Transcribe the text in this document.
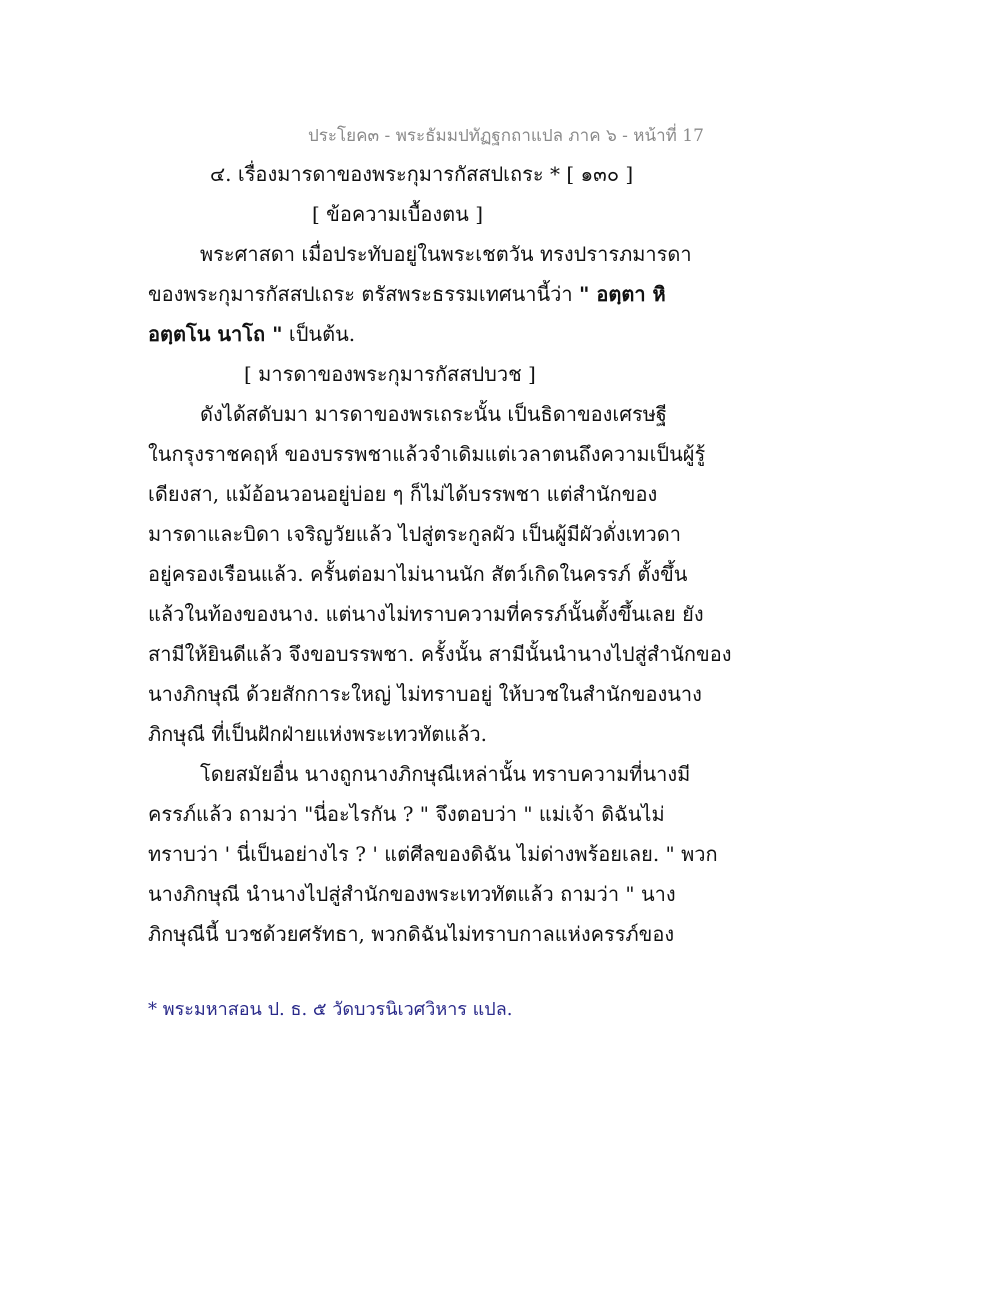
ประโยค๓ - พระธัมมปทัฏฐกถาแปล ภาค ๖ - หน้าที่ 17
๔. เรื่องมารดาของพระกุมารกัสสปเถระ * [ ๑๓๐ ]
[ ข้อความเบื้องตน ]
พระศาสดา เมื่อประทับอยู่ในพระเชตวัน ทรงปรารภมารดา
ของพระกุมารกัสสปเถระ ตรัสพระธรรมเทศนานี้ว่า " อตฺตา หิ
อตฺตโน นาโถ " เป็นต้น.
[ มารดาของพระกุมารกัสสปบวช ]
ดังได้สดับมา มารดาของพรเถระนั้น เป็นธิดาของเศรษฐี
ในกรุงราชคฤห์ ของบรรพชาแล้วจำเดิมแต่เวลาตนถึงความเป็นผู้รู้
เดียงสา, แม้อ้อนวอนอยู่บ่อย ๆ ก็ไม่ได้บรรพชา แต่สำนักของ
มารดาและบิดา เจริญวัยแล้ว ไปสู่ตระกูลผัว เป็นผู้มีผัวดั่งเทวดา
อยู่ครองเรือนแล้ว. ครั้นต่อมาไม่นานนัก สัตว์เกิดในครรภ์ ตั้งขึ้น
แล้วในท้องของนาง. แต่นางไม่ทราบความที่ครรภ์นั้นตั้งขึ้นเลย ยัง
สามีให้ยินดีแล้ว จึงขอบรรพชา. ครั้งนั้น สามีนั้นนำนางไปสู่สำนักของ
นางภิกษุณี ด้วยสักการะใหญ่ ไม่ทราบอยู่ ให้บวชในสำนักของนาง
ภิกษุณี ที่เป็นฝักฝ่ายแห่งพระเทวทัตแล้ว.
โดยสมัยอื่น นางถูกนางภิกษุณีเหล่านั้น ทราบความที่นางมี
ครรภ์แล้ว ถามว่า "นี่อะไรกัน ? " จึงตอบว่า " แม่เจ้า ดิฉันไม่
ทราบว่า ' นี่เป็นอย่างไร ? ' แต่ศีลของดิฉัน ไม่ด่างพร้อยเลย. " พวก
นางภิกษุณี นำนางไปสู่สำนักของพระเทวทัตแล้ว ถามว่า " นาง
ภิกษุณีนี้ บวชด้วยศรัทธา, พวกดิฉันไม่ทราบกาลแห่งครรภ์ของ
* พระมหาสอน ป. ธ. ๕ วัดบวรนิเวศวิหาร แปล.
